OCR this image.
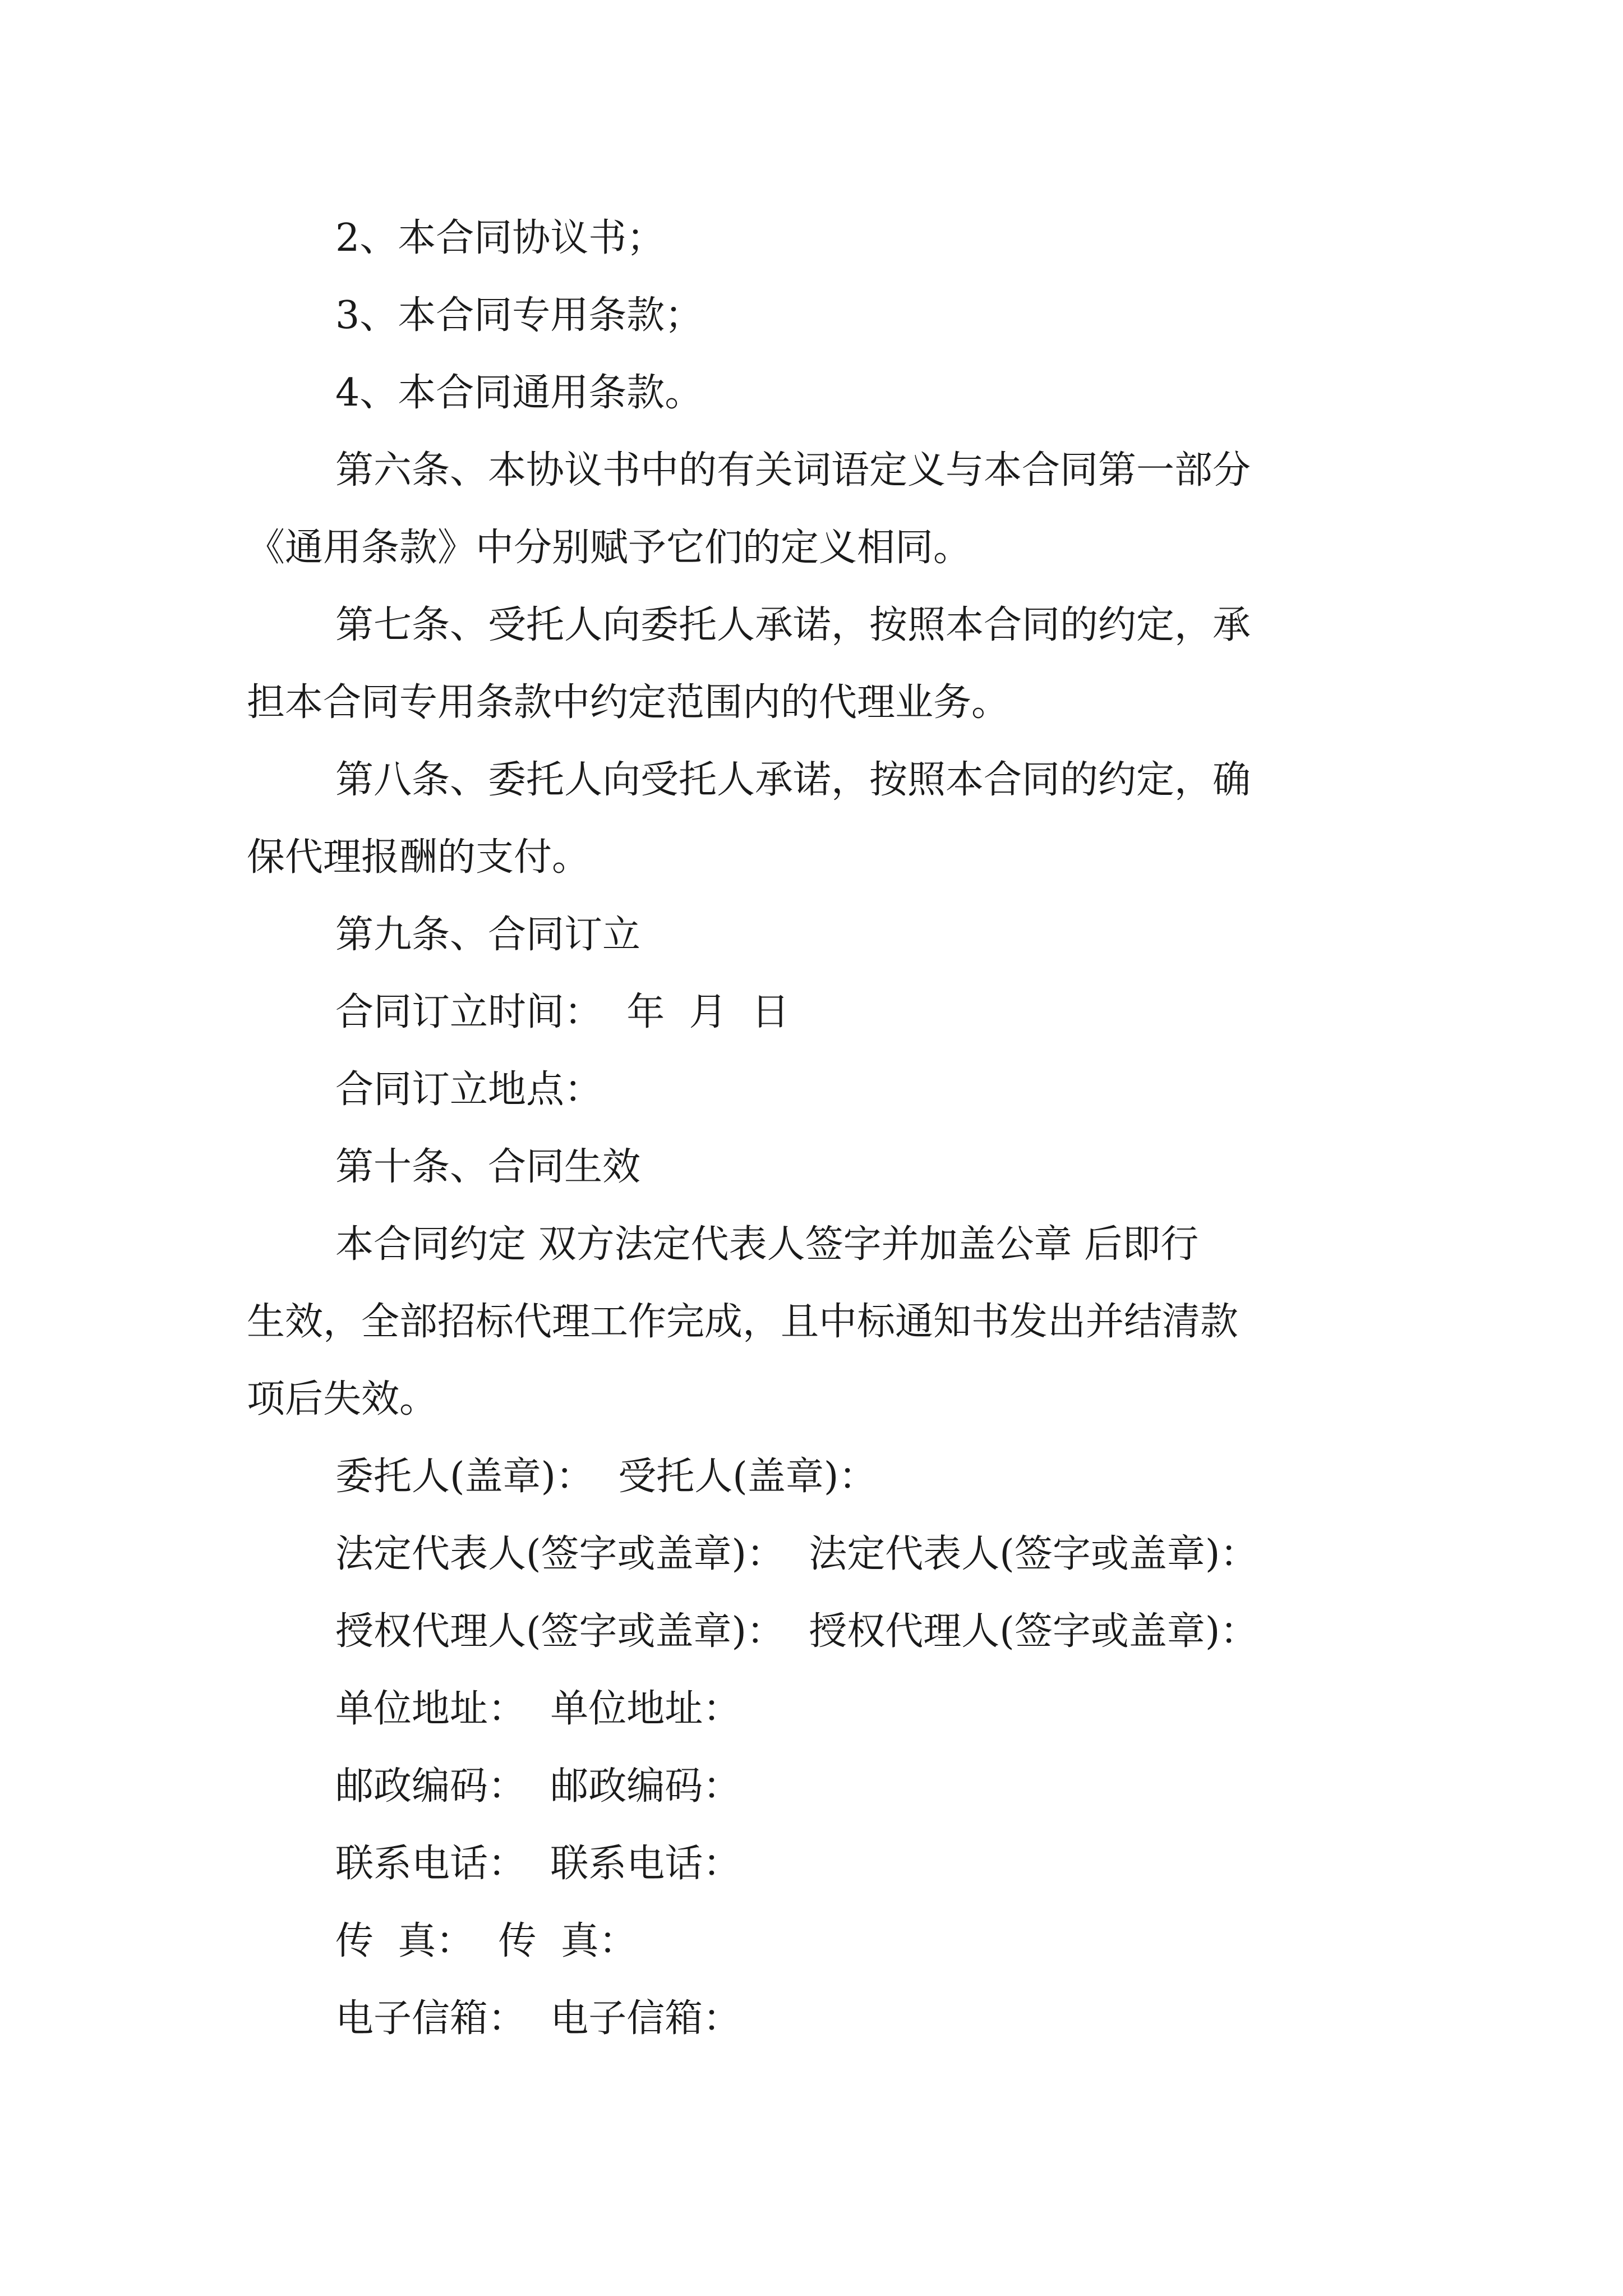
2、本合同协议书；

3、本合同专用条款；

4、本合同通用条款。

第六条、本协议书中的有关词语定义与本合同第一部分

《通用条款》中分别赋予它们的定义相同。

第七条、受托人向委托人承诺，按照本合同的约定，承

担本合同专用条款中约定范围内的代理业务。

第八条、委托人向受托人承诺，按照本合同的约定，确

保代理报酬的支付。

第九条、合同订立

合同订立时间：  年  月  日

合同订立地点：

第十条、合同生效

本合同约定 双方法定代表人签字并加盖公章 后即行

生效，全部招标代理工作完成，且中标通知书发出并结清款

项后失效。

委托人(盖章)：  受托人(盖章)：

法定代表人(签字或盖章)：  法定代表人(签字或盖章)：

授权代理人(签字或盖章)：  授权代理人(签字或盖章)：

单位地址：  单位地址：

邮政编码：  邮政编码：

联系电话：  联系电话：

传  真：  传  真：

电子信箱：  电子信箱：
